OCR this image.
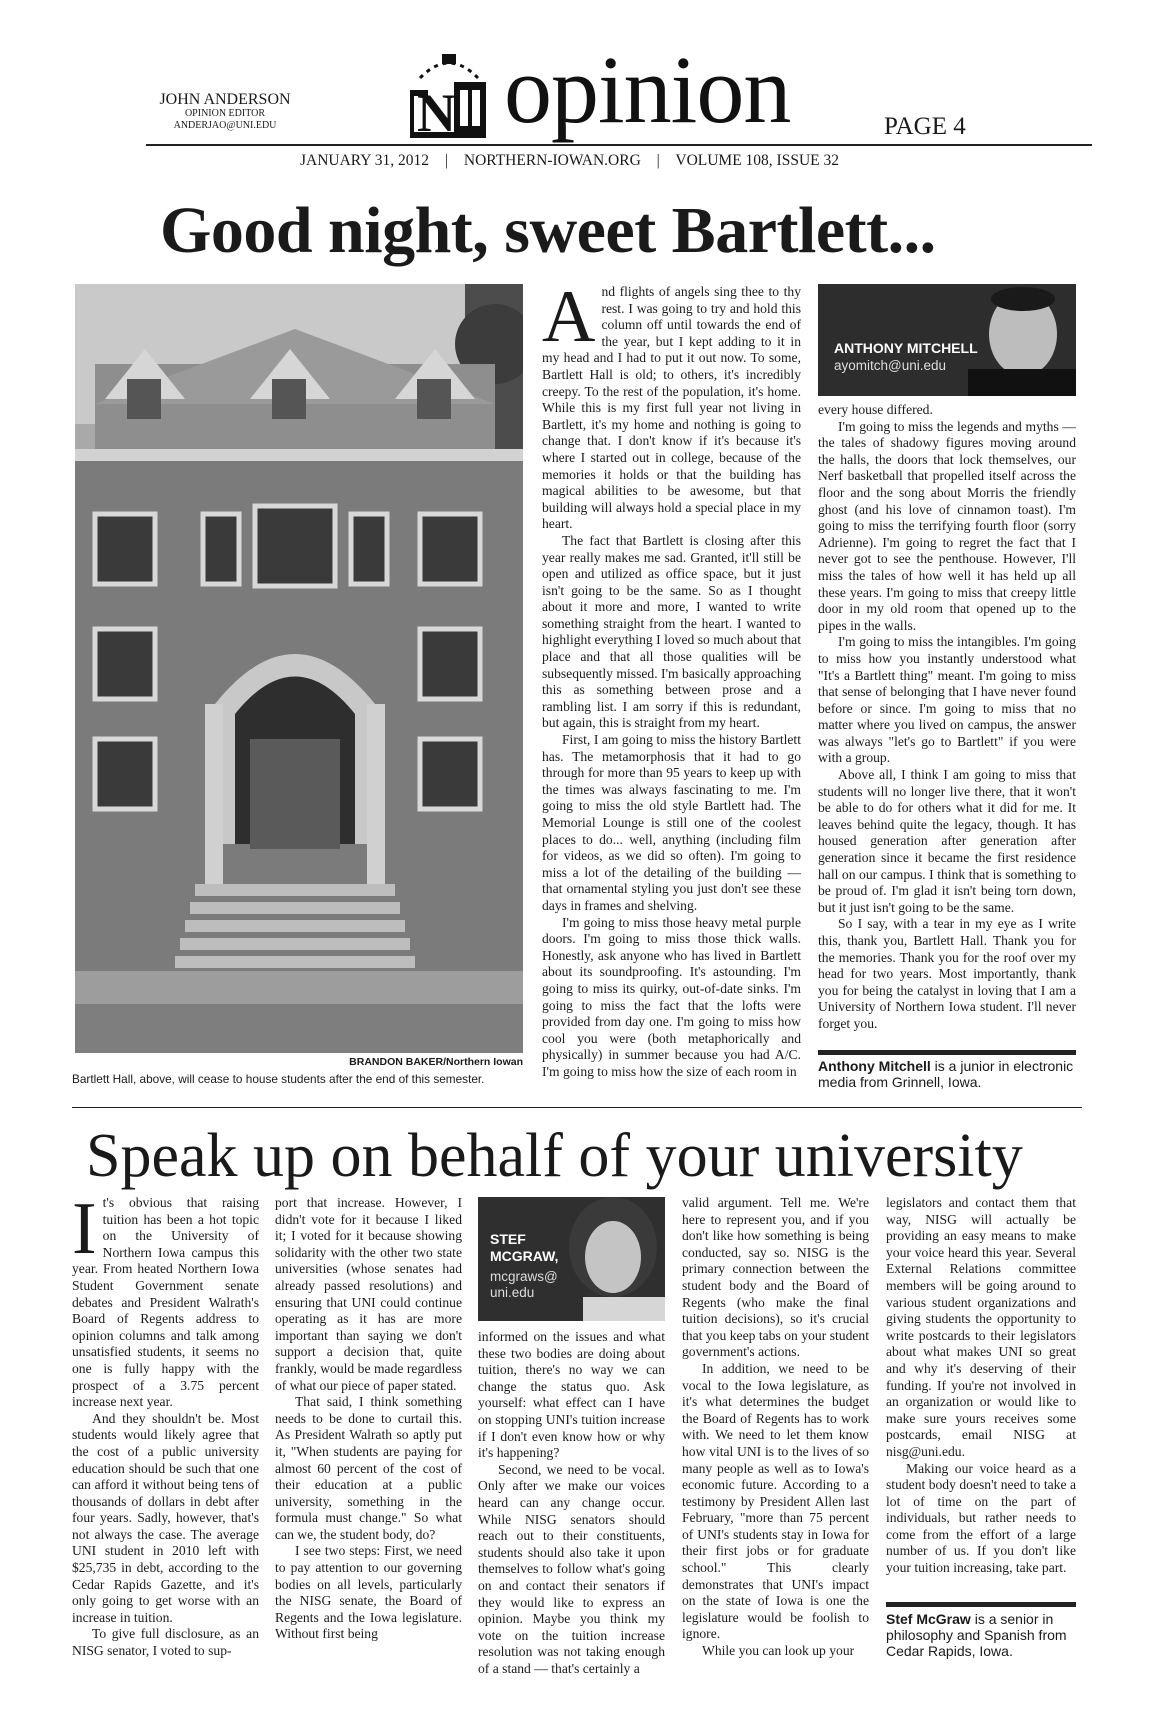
JOHN ANDERSON
OPINION EDITOR
ANDERJAO@UNI.EDU	N opinion	PAGE 4
JANUARY 31, 2012 | NORTHERN-IOWAN.ORG | VOLUME 108, ISSUE 32
Good night, sweet Bartlett...
BRANDON BAKER/Northern Iowan
Bartlett Hall, above, will cease to house students after the end of this semester.

And flights of angels sing thee to thy rest. I was going to try and hold this column off until towards the end of the year, but I kept adding to it in my head and I had to put it out now. To some, Bartlett Hall is old; to others, it's incredibly creepy. To the rest of the population, it's home. While this is my first full year not living in Bartlett, it's my home and nothing is going to change that. I don't know if it's because it's where I started out in college, because of the memories it holds or that the building has magical abilities to be awesome, but that building will always hold a special place in my heart.

The fact that Bartlett is closing after this year really makes me sad. Granted, it'll still be open and utilized as office space, but it just isn't going to be the same. So as I thought about it more and more, I wanted to write something straight from the heart. I wanted to highlight everything I loved so much about that place and that all those qualities will be subsequently missed. I'm basically approaching this as something between prose and a rambling list. I am sorry if this is redundant, but again, this is straight from my heart.

First, I am going to miss the history Bartlett has. The metamorphosis that it had to go through for more than 95 years to keep up with the times was always fascinating to me. I'm going to miss the old style Bartlett had. The Memorial Lounge is still one of the coolest places to do... well, anything (including film for videos, as we did so often). I'm going to miss a lot of the detailing of the building — that ornamental styling you just don't see these days in frames and shelving.

I'm going to miss those heavy metal purple doors. I'm going to miss those thick walls. Honestly, ask anyone who has lived in Bartlett about its soundproofing. It's astounding. I'm going to miss its quirky, out-of-date sinks. I'm going to miss the fact that the lofts were provided from day one. I'm going to miss how cool you were (both metaphorically and physically) in summer because you had A/C. I'm going to miss how the size of each room in

ANTHONY MITCHELL
ayomitch@uni.edu

every house differed.

I'm going to miss the legends and myths — the tales of shadowy figures moving around the halls, the doors that lock themselves, our Nerf basketball that propelled itself across the floor and the song about Morris the friendly ghost (and his love of cinnamon toast). I'm going to miss the terrifying fourth floor (sorry Adrienne). I'm going to regret the fact that I never got to see the penthouse. However, I'll miss the tales of how well it has held up all these years. I'm going to miss that creepy little door in my old room that opened up to the pipes in the walls.

I'm going to miss the intangibles. I'm going to miss how you instantly understood what "It's a Bartlett thing" meant. I'm going to miss that sense of belonging that I have never found before or since. I'm going to miss that no matter where you lived on campus, the answer was always "let's go to Bartlett" if you were with a group.

Above all, I think I am going to miss that students will no longer live there, that it won't be able to do for others what it did for me. It leaves behind quite the legacy, though. It has housed generation after generation after generation since it became the first residence hall on our campus. I think that is something to be proud of. I'm glad it isn't being torn down, but it just isn't going to be the same.

So I say, with a tear in my eye as I write this, thank you, Bartlett Hall. Thank you for the memories. Thank you for the roof over my head for two years. Most importantly, thank you for being the catalyst in loving that I am a University of Northern Iowa student. I'll never forget you.

Anthony Mitchell is a junior in electronic media from Grinnell, Iowa.
Speak up on behalf of your university

It's obvious that raising tuition has been a hot topic on the University of Northern Iowa campus this year. From heated Northern Iowa Student Government senate debates and President Walrath's Board of Regents address to opinion columns and talk among unsatisfied students, it seems no one is fully happy with the prospect of a 3.75 percent increase next year.

And they shouldn't be. Most students would likely agree that the cost of a public university education should be such that one can afford it without being tens of thousands of dollars in debt after four years. Sadly, however, that's not always the case. The average UNI student in 2010 left with $25,735 in debt, according to the Cedar Rapids Gazette, and it's only going to get worse with an increase in tuition.

To give full disclosure, as an NISG senator, I voted to sup-

port that increase. However, I didn't vote for it because I liked it; I voted for it because showing solidarity with the other two state universities (whose senates had already passed resolutions) and ensuring that UNI could continue operating as it has are more important than saying we don't support a decision that, quite frankly, would be made regardless of what our piece of paper stated.

That said, I think something needs to be done to curtail this. As President Walrath so aptly put it, "When students are paying for almost 60 percent of the cost of their education at a public university, something in the formula must change." So what can we, the student body, do?

I see two steps: First, we need to pay attention to our governing bodies on all levels, particularly the NISG senate, the Board of Regents and the Iowa legislature. Without first being

STEF
MCGRAW,
mcgraws@
uni.edu

informed on the issues and what these two bodies are doing about tuition, there's no way we can change the status quo. Ask yourself: what effect can I have on stopping UNI's tuition increase if I don't even know how or why it's happening?

Second, we need to be vocal. Only after we make our voices heard can any change occur. While NISG senators should reach out to their constituents, students should also take it upon themselves to follow what's going on and contact their senators if they would like to express an opinion. Maybe you think my vote on the tuition increase resolution was not taking enough of a stand — that's certainly a

valid argument. Tell me. We're here to represent you, and if you don't like how something is being conducted, say so. NISG is the primary connection between the student body and the Board of Regents (who make the final tuition decisions), so it's crucial that you keep tabs on your student government's actions.

In addition, we need to be vocal to the Iowa legislature, as it's what determines the budget the Board of Regents has to work with. We need to let them know how vital UNI is to the lives of so many people as well as to Iowa's economic future. According to a testimony by President Allen last February, "more than 75 percent of UNI's students stay in Iowa for their first jobs or for graduate school." This clearly demonstrates that UNI's impact on the state of Iowa is one the legislature would be foolish to ignore.

While you can look up your

legislators and contact them that way, NISG will actually be providing an easy means to make your voice heard this year. Several External Relations committee members will be going around to various student organizations and giving students the opportunity to write postcards to their legislators about what makes UNI so great and why it's deserving of their funding. If you're not involved in an organization or would like to make sure yours receives some postcards, email NISG at nisg@uni.edu.

Making our voice heard as a student body doesn't need to take a lot of time on the part of individuals, but rather needs to come from the effort of a large number of us. If you don't like your tuition increasing, take part.

Stef McGraw is a senior in philosophy and Spanish from Cedar Rapids, Iowa.
